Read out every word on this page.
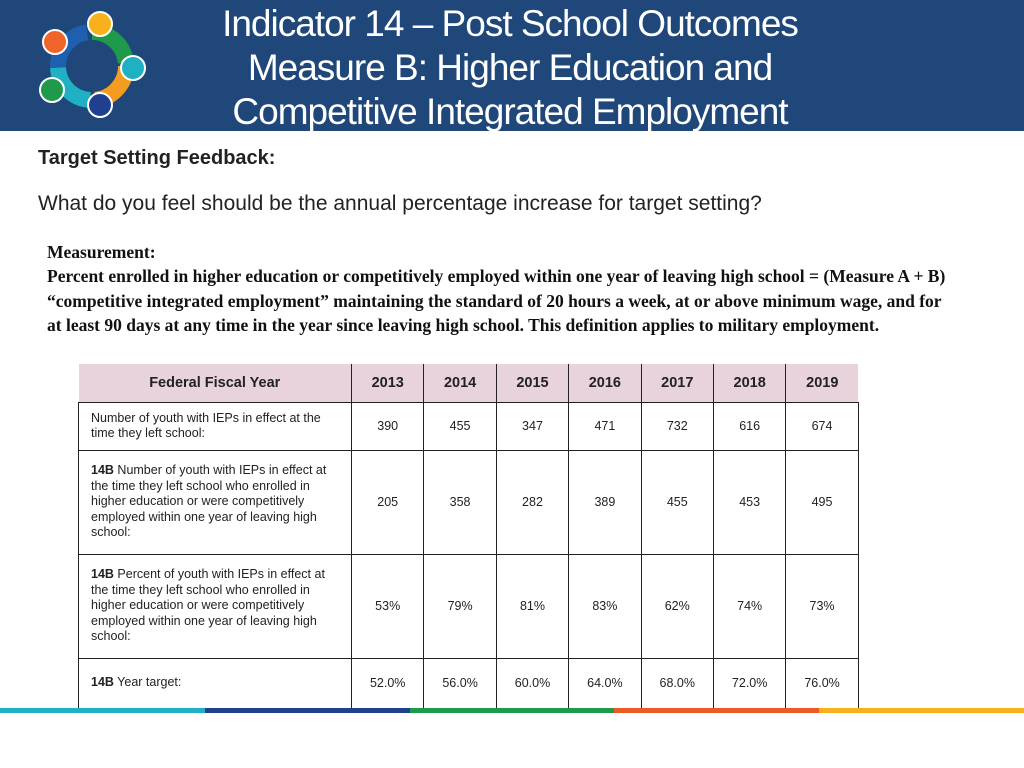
Indicator 14 – Post School Outcomes
Measure B: Higher Education and
Competitive Integrated Employment
Target Setting Feedback:
What do you feel should be the annual percentage increase for target setting?
Measurement:
Percent enrolled in higher education or competitively employed within one year of leaving high school = (Measure A + B) “competitive integrated employment” maintaining the standard of 20 hours a week, at or above minimum wage, and for at least 90 days at any time in the year since leaving high school. This definition applies to military employment.
Federal Fiscal Year	2013	2014	2015	2016	2017	2018	2019
Number of youth with IEPs in effect at the time they left school:	390	455	347	471	732	616	674
14B Number of youth with IEPs in effect at the time they left school who enrolled in higher education or were competitively employed within one year of leaving high school:	205	358	282	389	455	453	495
14B Percent of youth with IEPs in effect at the time they left school who enrolled in higher education or were competitively employed within one year of leaving high school:	53%	79%	81%	83%	62%	74%	73%
14B Year target:	52.0%	56.0%	60.0%	64.0%	68.0%	72.0%	76.0%
